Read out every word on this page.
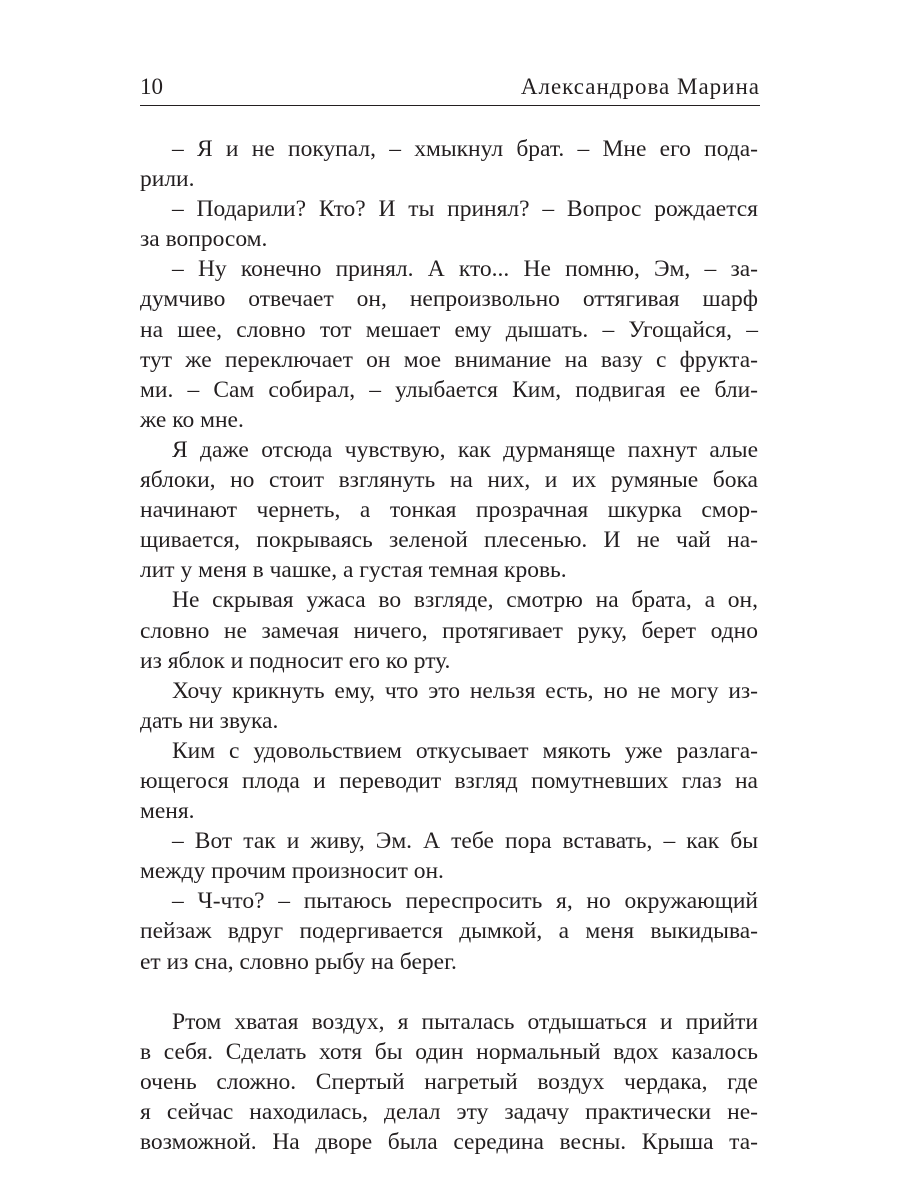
10	Александрова Марина
– Я и не покупал, – хмыкнул брат. – Мне его пода-
рили.
– Подарили? Кто? И ты принял? – Вопрос рождается
за вопросом.
– Ну конечно принял. А кто... Не помню, Эм, – за-
думчиво отвечает он, непроизвольно оттягивая шарф
на шее, словно тот мешает ему дышать. – Угощайся, –
тут же переключает он мое внимание на вазу с фрукта-
ми. – Сам собирал, – улыбается Ким, подвигая ее бли-
же ко мне.
Я даже отсюда чувствую, как дурманяще пахнут алые
яблоки, но стоит взглянуть на них, и их румяные бока
начинают чернеть, а тонкая прозрачная шкурка смор-
щивается, покрываясь зеленой плесенью. И не чай на-
лит у меня в чашке, а густая темная кровь.
Не скрывая ужаса во взгляде, смотрю на брата, а он,
словно не замечая ничего, протягивает руку, берет одно
из яблок и подносит его ко рту.
Хочу крикнуть ему, что это нельзя есть, но не могу из-
дать ни звука.
Ким с удовольствием откусывает мякоть уже разлага-
ющегося плода и переводит взгляд помутневших глаз на
меня.
– Вот так и живу, Эм. А тебе пора вставать, – как бы
между прочим произносит он.
– Ч-что? – пытаюсь переспросить я, но окружающий
пейзаж вдруг подергивается дымкой, а меня выкидыва-
ет из сна, словно рыбу на берег.
Ртом хватая воздух, я пыталась отдышаться и прийти
в себя. Сделать хотя бы один нормальный вдох казалось
очень сложно. Спертый нагретый воздух чердака, где
я сейчас находилась, делал эту задачу практически не-
возможной. На дворе была середина весны. Крыша та-
